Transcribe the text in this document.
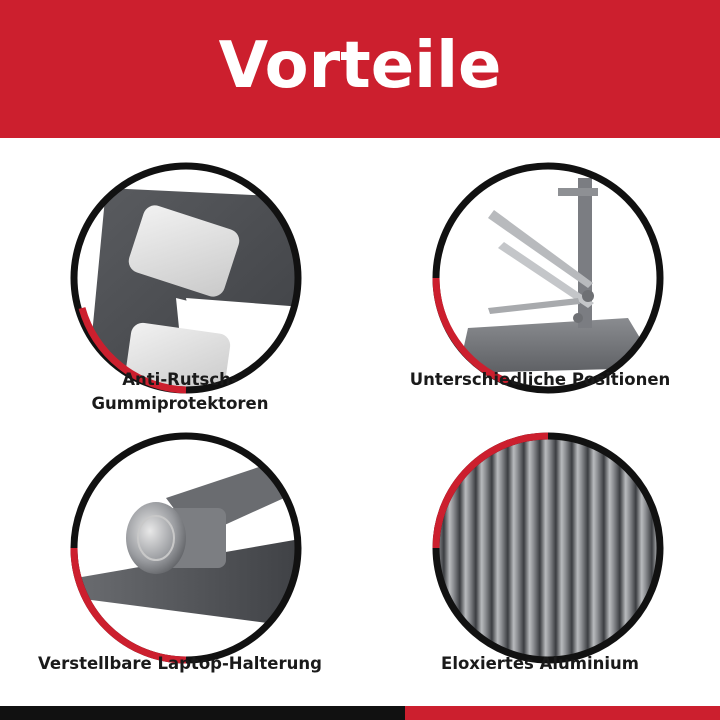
Vorteile
Anti-Rutsch-
Gummiprotektoren
Unterschiedliche Positionen
Verstellbare Laptop-Halterung	Eloxiertes Aluminium
